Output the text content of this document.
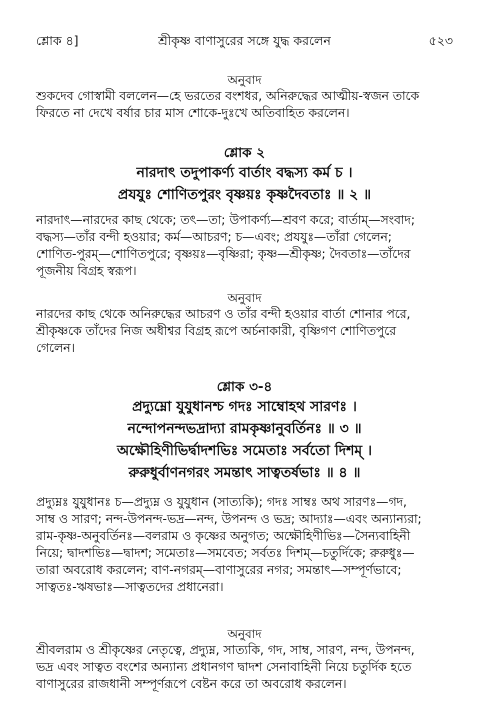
শ্লোক ৪]	শ্রীকৃষ্ণ বাণাসুরের সঙ্গে যুদ্ধ করলেন	৫২৩
অনুবাদ

শুকদেব গোস্বামী বললেন—হে ভরতের বংশধর, অনিরুদ্ধের আত্মীয়-স্বজন তাকে

ফিরতে না দেখে বর্ষার চার মাস শোকে-দুঃখে অতিবাহিত করলেন।

শ্লোক ২

নারদাৎ তদুপাকর্ণ্য বার্তাং বদ্ধস্য কর্ম চ ।

প্রযযুঃ শোণিতপুরং বৃষ্ণয়ঃ কৃষ্ণদৈবতাঃ ॥ ২ ॥

নারদাৎ—নারদের কাছ থেকে; তৎ—তা; উপাকর্ণ্য—শ্রবণ করে; বার্তাম্—সংবাদ;

বদ্ধস্য—তাঁর বন্দী হওয়ার; কর্ম—আচরণ; চ—এবং; প্রযযুঃ—তাঁরা গেলেন;

শোণিত-পুরম্—শোণিতপুরে; বৃষ্ণয়ঃ—বৃষ্ণিরা; কৃষ্ণ—শ্রীকৃষ্ণ; দৈবতাঃ—তাঁদের

পূজনীয় বিগ্রহ স্বরূপ।

অনুবাদ

নারদের কাছ থেকে অনিরুদ্ধের আচরণ ও তাঁর বন্দী হওয়ার বার্তা শোনার পরে,

শ্রীকৃষ্ণকে তাঁদের নিজ অধীশ্বর বিগ্রহ রূপে অর্চনাকারী, বৃষ্ণিগণ শোণিতপুরে

গেলেন।

শ্লোক ৩-৪

প্রদ্যুম্নো যুযুধানশ্চ গদঃ সাম্বোহথ সারণঃ ।

নন্দোপনন্দভদ্রাদ্যা রামকৃষ্ণানুবর্তিনঃ ॥ ৩ ॥

অক্ষৌহিণীভির্দ্বাদশভিঃ সমেতাঃ সর্বতো দিশম্ ।

রুরুধুর্বাণনগরং সমন্তাৎ সাত্বতর্ষভাঃ ॥ ৪ ॥

প্রদ্যুম্নঃ যুযুধানঃ চ—প্রদ্যুম্ন ও যুযুধান (সাত্যকি); গদঃ সাম্বঃ অথ সারণঃ—গদ,

সাম্ব ও সারণ; নন্দ-উপনন্দ-ভদ্র—নন্দ, উপনন্দ ও ভদ্র; আদ্যাঃ—এবং অন্যান্যরা;

রাম-কৃষ্ণ-অনুবর্তিনঃ—বলরাম ও কৃষ্ণের অনুগত; অক্ষৌহিণীভিঃ—সৈন্যবাহিনী

নিয়ে; দ্বাদশভিঃ—দ্বাদশ; সমেতাঃ—সমবেত; সর্বতঃ দিশম্—চতুর্দিকে; রুরুধুঃ—

তারা অবরোধ করলেন; বাণ-নগরম্—বাণাসুরের নগর; সমন্তাৎ—সম্পূর্ণভাবে;

সাত্বতঃ-ঋষভাঃ—সাত্বতদের প্রধানেরা।

অনুবাদ

শ্রীবলরাম ও শ্রীকৃষ্ণের নেতৃত্বে, প্রদ্যুম্ন, সাত্যকি, গদ, সাম্ব, সারণ, নন্দ, উপনন্দ,

ভদ্র এবং সাত্বত বংশের অন্যান্য প্রধানগণ দ্বাদশ সেনাবাহিনী নিয়ে চতুর্দিক হতে

বাণাসুরের রাজধানী সম্পূর্ণরূপে বেষ্টন করে তা অবরোধ করলেন।
